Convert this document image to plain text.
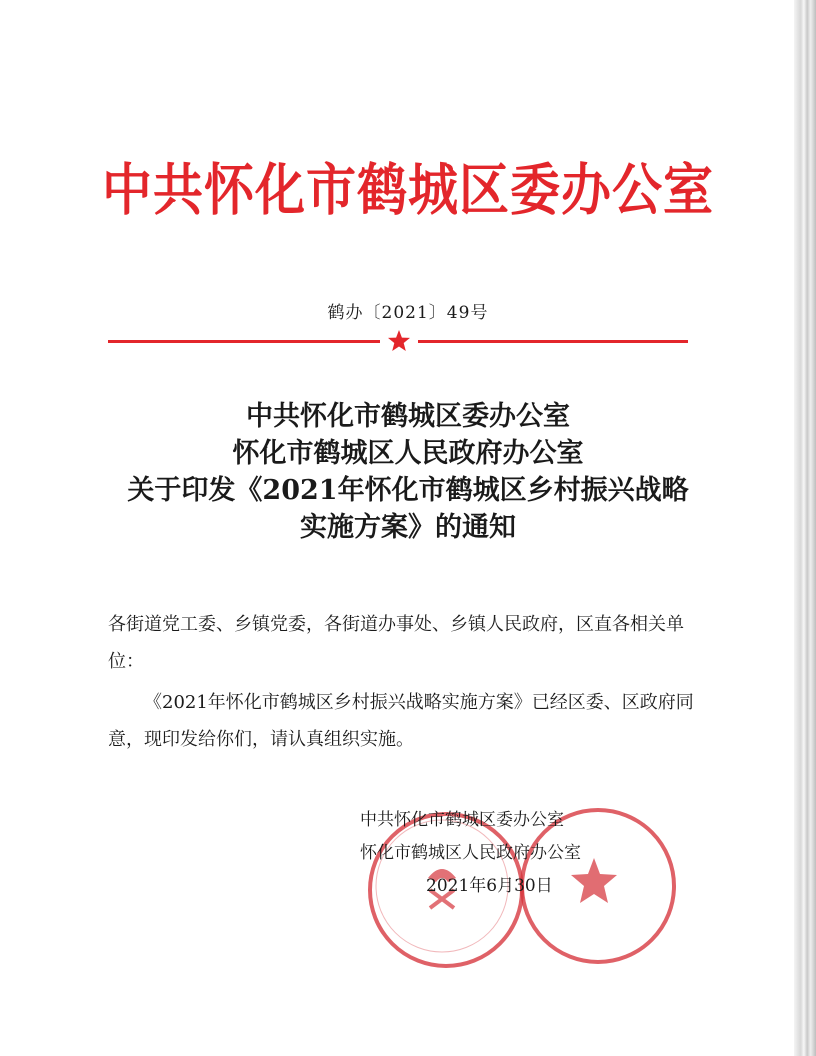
中共怀化市鹤城区委办公室
鹤办〔2021〕49号
中共怀化市鹤城区委办公室
怀化市鹤城区人民政府办公室
关于印发《2021年怀化市鹤城区乡村振兴战略
实施方案》的通知
各街道党工委、乡镇党委，各街道办事处、乡镇人民政府，区直各相关单位：
《2021年怀化市鹤城区乡村振兴战略实施方案》已经区委、区政府同意，现印发给你们，请认真组织实施。
中共怀化市鹤城区委办公室
怀化市鹤城区人民政府办公室
2021年6月30日
